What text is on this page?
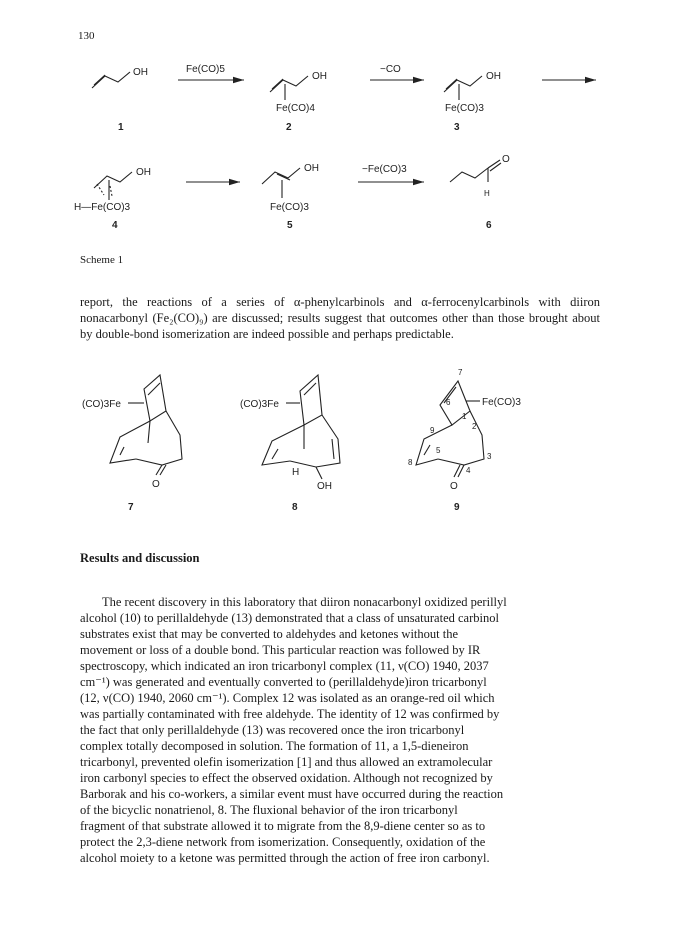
130
OH
1
Fe(CO)5
OH
Fe(CO)4
2
−CO
OH
Fe(CO)3
3
OH
H—Fe(CO)3
4
OH
Fe(CO)3
5
−Fe(CO)3
O
H
6
Scheme 1
report, the reactions of a series of α-phenylcarbinols and α-ferrocenylcarbinols with diiron nonacarbonyl (Fe₂(CO)₉) are discussed; results suggest that outcomes other than those brought about by double-bond isomerization are indeed possible and perhaps predictable.
(CO)3Fe
O
7
(CO)3Fe
H
OH
8
7
Fe(CO)3
6
1
9
8
5
2
3
4
O
9
Results and discussion
The recent discovery in this laboratory that diiron nonacarbonyl oxidized perillyl
alcohol (10) to perillaldehyde (13) demonstrated that a class of unsaturated carbinol
substrates exist that may be converted to aldehydes and ketones without the
movement or loss of a double bond. This particular reaction was followed by IR
spectroscopy, which indicated an iron tricarbonyl complex (11, ν(CO) 1940, 2037
cm⁻¹) was generated and eventually converted to (perillaldehyde)iron tricarbonyl
(12, ν(CO) 1940, 2060 cm⁻¹). Complex 12 was isolated as an orange-red oil which
was partially contaminated with free aldehyde. The identity of 12 was confirmed by
the fact that only perillaldehyde (13) was recovered once the iron tricarbonyl
complex totally decomposed in solution. The formation of 11, a 1,5-dieneiron
tricarbonyl, prevented olefin isomerization [1] and thus allowed an extramolecular
iron carbonyl species to effect the observed oxidation. Although not recognized by
Barborak and his co-workers, a similar event must have occurred during the reaction
of the bicyclic nonatrienol, 8. The fluxional behavior of the iron tricarbonyl
fragment of that substrate allowed it to migrate from the 8,9-diene center so as to
protect the 2,3-diene network from isomerization. Consequently, oxidation of the
alcohol moiety to a ketone was permitted through the action of free iron carbonyl.
